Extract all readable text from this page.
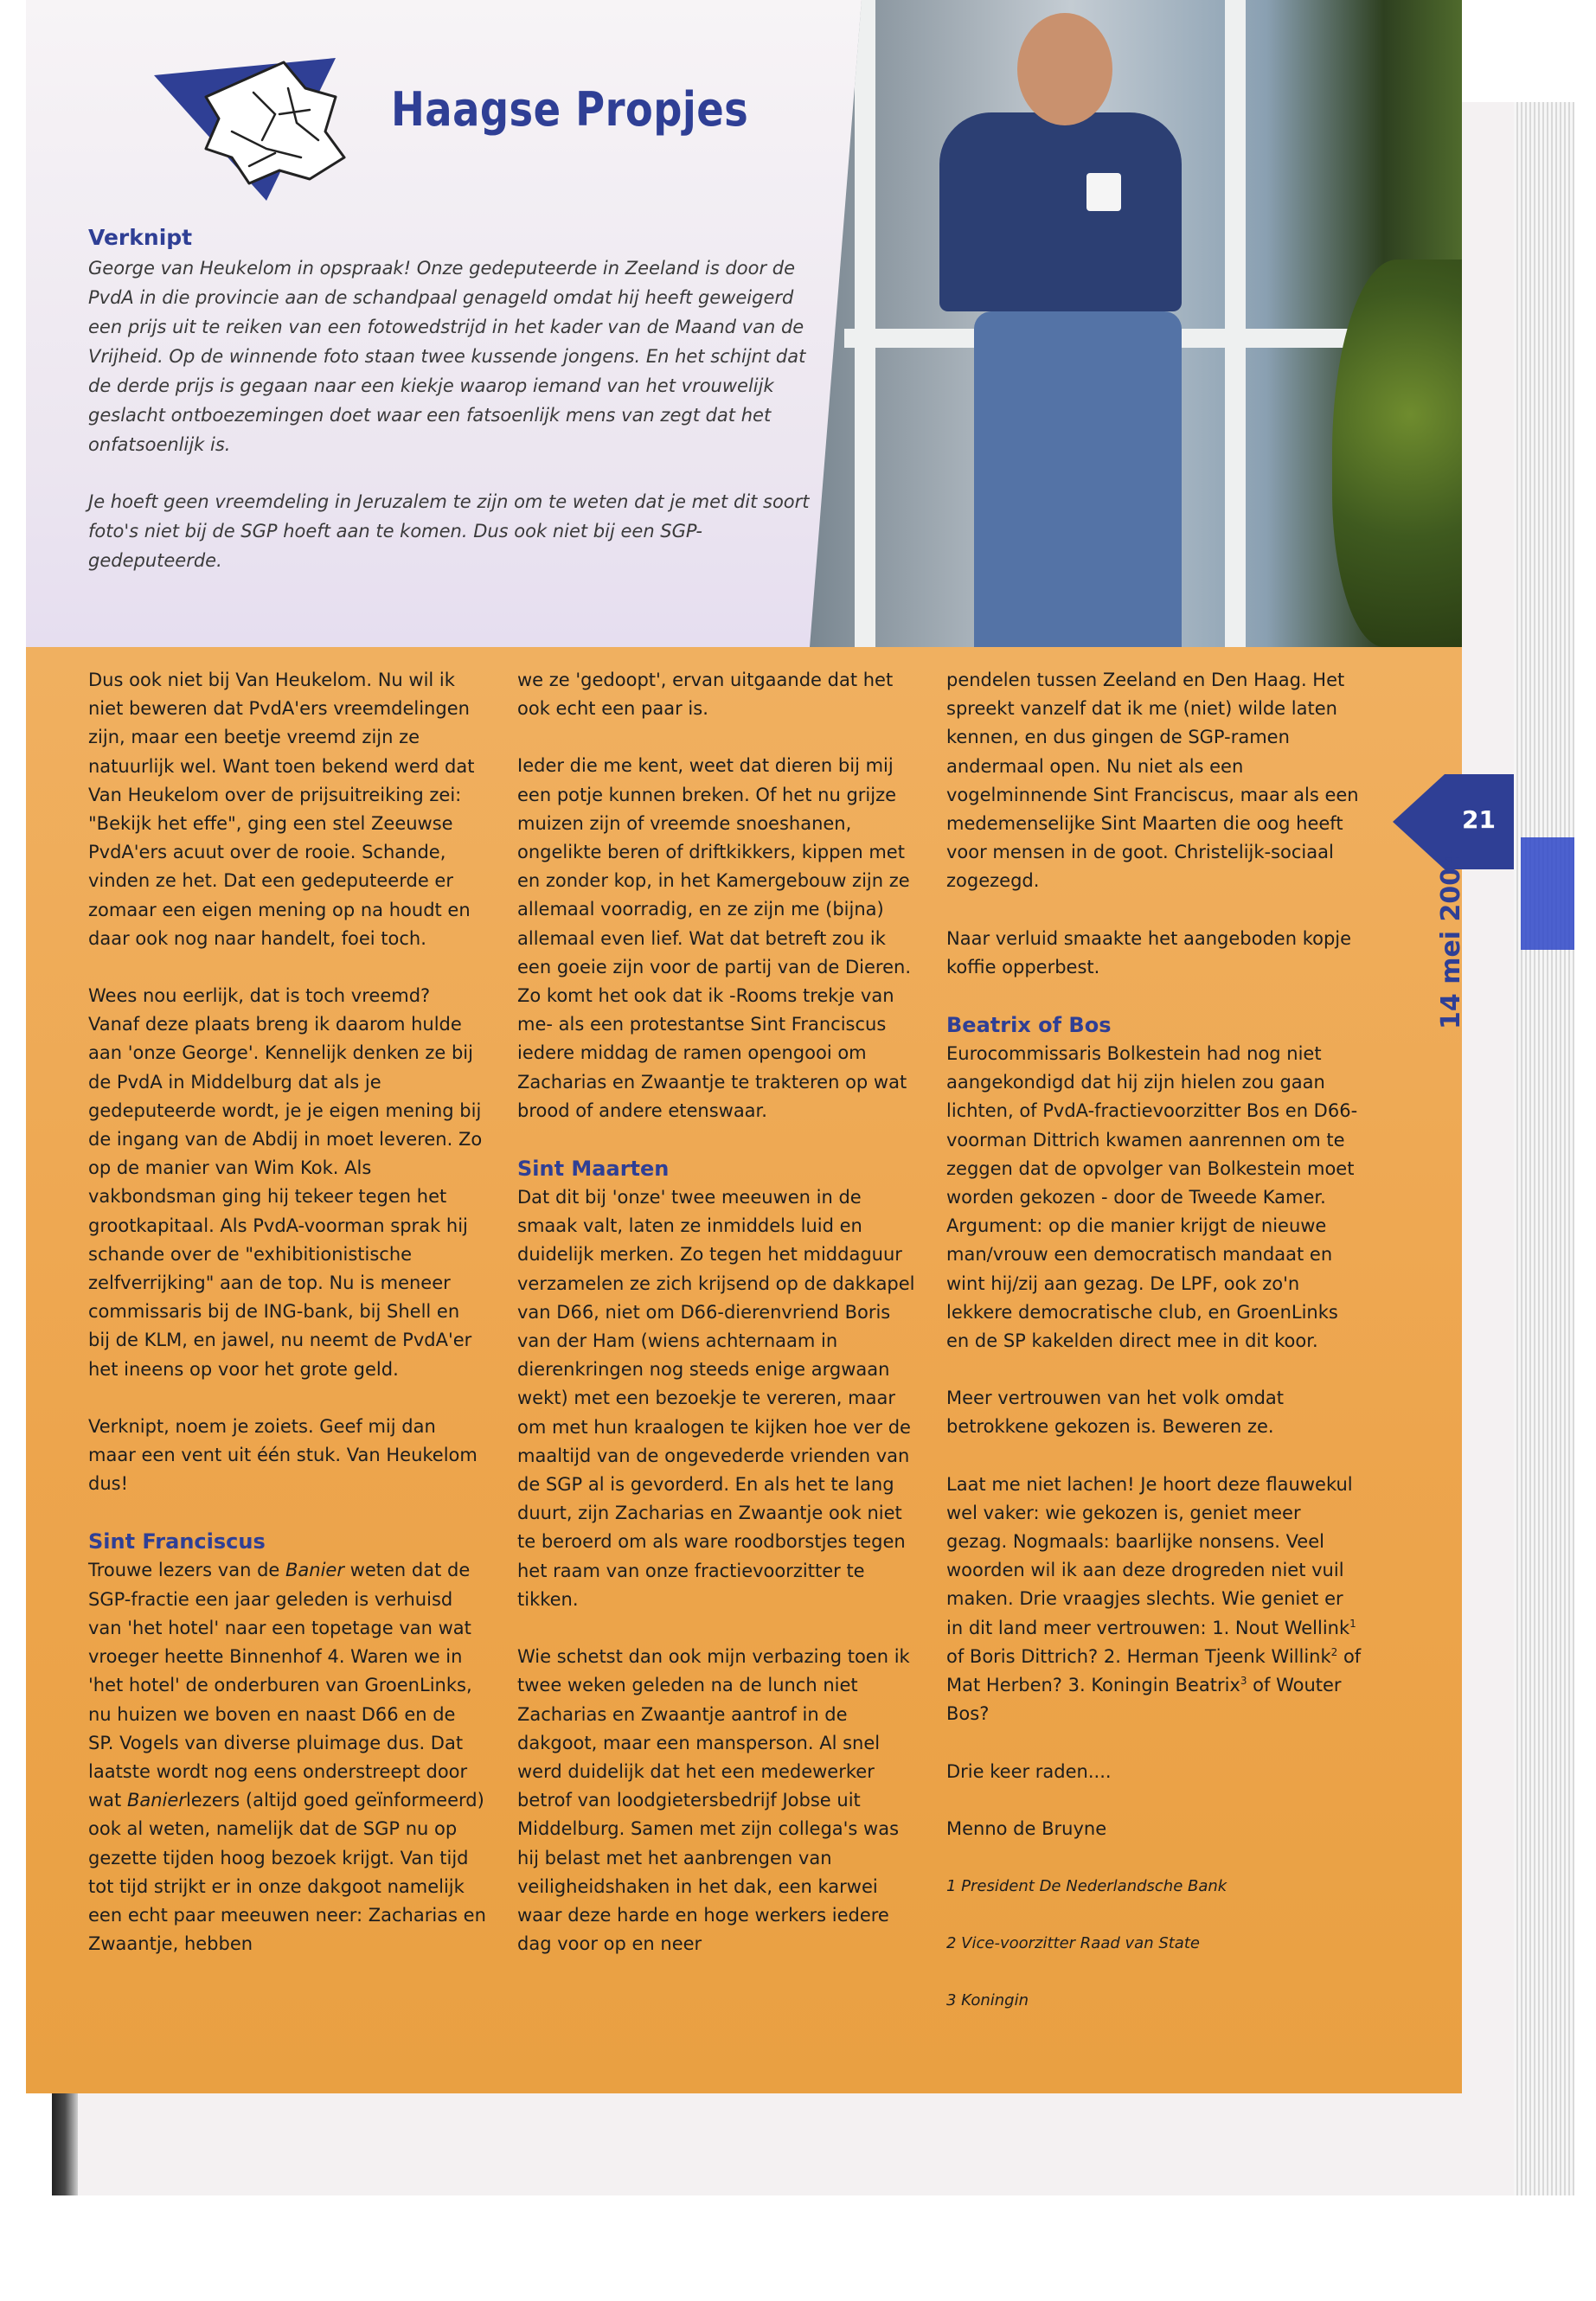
Haagse Propjes
Verknipt

George van Heukelom in opspraak! Onze gedeputeerde in Zeeland is door de PvdA in die provincie aan de schandpaal genageld omdat hij heeft geweigerd een prijs uit te reiken van een fotowedstrijd in het kader van de Maand van de Vrijheid. Op de winnende foto staan twee kussende jongens. En het schijnt dat de derde prijs is gegaan naar een kiekje waarop iemand van het vrouwelijk geslacht ontboezemingen doet waar een fatsoenlijk mens van zegt dat het onfatsoenlijk is.

Je hoeft geen vreemdeling in Jeruzalem te zijn om te weten dat je met dit soort foto's niet bij de SGP hoeft aan te komen. Dus ook niet bij een SGP-gedeputeerde.

Dus ook niet bij Van Heukelom. Nu wil ik niet beweren dat PvdA'ers vreemdelingen zijn, maar een beetje vreemd zijn ze natuurlijk wel. Want toen bekend werd dat Van Heukelom over de prijsuitreiking zei: "Bekijk het effe", ging een stel Zeeuwse PvdA'ers acuut over de rooie. Schande, vinden ze het. Dat een gedeputeerde er zomaar een eigen mening op na houdt en daar ook nog naar handelt, foei toch.

Wees nou eerlijk, dat is toch vreemd? Vanaf deze plaats breng ik daarom hulde aan 'onze George'. Kennelijk denken ze bij de PvdA in Middelburg dat als je gedeputeerde wordt, je je eigen mening bij de ingang van de Abdij in moet leveren. Zo op de manier van Wim Kok. Als vakbondsman ging hij tekeer tegen het grootkapitaal. Als PvdA-voorman sprak hij schande over de "exhibitionistische zelfverrijking" aan de top. Nu is meneer commissaris bij de ING-bank, bij Shell en bij de KLM, en jawel, nu neemt de PvdA'er het ineens op voor het grote geld.

Verknipt, noem je zoiets. Geef mij dan maar een vent uit één stuk. Van Heukelom dus!

Sint Franciscus

Trouwe lezers van de Banier weten dat de SGP-fractie een jaar geleden is verhuisd van 'het hotel' naar een topetage van wat vroeger heette Binnenhof 4. Waren we in 'het hotel' de onderburen van GroenLinks, nu huizen we boven en naast D66 en de SP. Vogels van diverse pluimage dus. Dat laatste wordt nog eens onderstreept door wat Banierlezers (altijd goed geïnformeerd) ook al weten, namelijk dat de SGP nu op gezette tijden hoog bezoek krijgt. Van tijd tot tijd strijkt er in onze dakgoot namelijk een echt paar meeuwen neer: Zacharias en Zwaantje, hebben

we ze 'gedoopt', ervan uitgaande dat het ook echt een paar is.

Ieder die me kent, weet dat dieren bij mij een potje kunnen breken. Of het nu grijze muizen zijn of vreemde snoeshanen, ongelikte beren of driftkikkers, kippen met en zonder kop, in het Kamergebouw zijn ze allemaal voorradig, en ze zijn me (bijna) allemaal even lief. Wat dat betreft zou ik een goeie zijn voor de partij van de Dieren. Zo komt het ook dat ik -Rooms trekje van me- als een protestantse Sint Franciscus iedere middag de ramen opengooi om Zacharias en Zwaantje te trakteren op wat brood of andere etenswaar.

Sint Maarten

Dat dit bij 'onze' twee meeuwen in de smaak valt, laten ze inmiddels luid en duidelijk merken. Zo tegen het middaguur verzamelen ze zich krijsend op de dakkapel van D66, niet om D66-dierenvriend Boris van der Ham (wiens achternaam in dierenkringen nog steeds enige argwaan wekt) met een bezoekje te vereren, maar om met hun kraalogen te kijken hoe ver de maaltijd van de ongevederde vrienden van de SGP al is gevorderd. En als het te lang duurt, zijn Zacharias en Zwaantje ook niet te beroerd om als ware roodborstjes tegen het raam van onze fractievoorzitter te tikken.

Wie schetst dan ook mijn verbazing toen ik twee weken geleden na de lunch niet Zacharias en Zwaantje aantrof in de dakgoot, maar een mansperson. Al snel werd duidelijk dat het een medewerker betrof van loodgietersbedrijf Jobse uit Middelburg. Samen met zijn collega's was hij belast met het aanbrengen van veiligheidshaken in het dak, een karwei waar deze harde en hoge werkers iedere dag voor op en neer

pendelen tussen Zeeland en Den Haag. Het spreekt vanzelf dat ik me (niet) wilde laten kennen, en dus gingen de SGP-ramen andermaal open. Nu niet als een vogelminnende Sint Franciscus, maar als een medemenselijke Sint Maarten die oog heeft voor mensen in de goot. Christelijk-sociaal zogezegd.

Naar verluid smaakte het aangeboden kopje koffie opperbest.

Beatrix of Bos

Eurocommissaris Bolkestein had nog niet aangekondigd dat hij zijn hielen zou gaan lichten, of PvdA-fractievoorzitter Bos en D66-voorman Dittrich kwamen aanrennen om te zeggen dat de opvolger van Bolkestein moet worden gekozen - door de Tweede Kamer. Argument: op die manier krijgt de nieuwe man/vrouw een democratisch mandaat en wint hij/zij aan gezag. De LPF, ook zo'n lekkere democratische club, en GroenLinks en de SP kakelden direct mee in dit koor.

Meer vertrouwen van het volk omdat betrokkene gekozen is. Beweren ze.

Laat me niet lachen! Je hoort deze flauwekul wel vaker: wie gekozen is, geniet meer gezag. Nogmaals: baarlijke nonsens. Veel woorden wil ik aan deze drogreden niet vuil maken. Drie vraagjes slechts. Wie geniet er in dit land meer vertrouwen: 1. Nout Wellink$^1$ of Boris Dittrich? 2. Herman Tjeenk Willink$^2$ of Mat Herben? 3. Koningin Beatrix$^3$ of Wouter Bos?

Drie keer raden....

Menno de Bruyne

1 President De Nederlandsche Bank

2 Vice-voorzitter Raad van State

3 Koningin

21
14 mei 2004
